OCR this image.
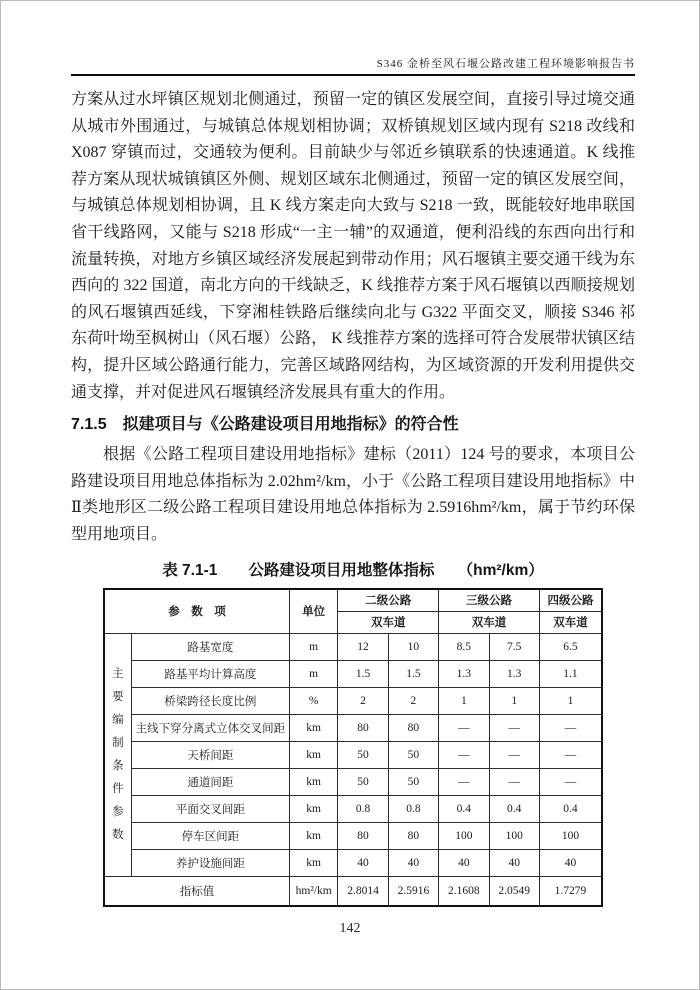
S346 金桥至风石堰公路改建工程环境影响报告书

方案从过水坪镇区规划北侧通过，预留一定的镇区发展空间，直接引导过境交通从城市外围通过，与城镇总体规划相协调；双桥镇规划区域内现有 S218 改线和 X087 穿镇而过，交通较为便利。目前缺少与邻近乡镇联系的快速通道。K 线推荐方案从现状城镇镇区外侧、规划区域东北侧通过，预留一定的镇区发展空间，与城镇总体规划相协调，且 K 线方案走向大致与 S218 一致，既能较好地串联国省干线路网，又能与 S218 形成“一主一辅”的双通道，便利沿线的东西向出行和流量转换，对地方乡镇区域经济发展起到带动作用；风石堰镇主要交通干线为东西向的 322 国道，南北方向的干线缺乏，K 线推荐方案于风石堰镇以西顺接规划的风石堰镇西延线，下穿湘桂铁路后继续向北与 G322 平面交叉，顺接 S346 祁东荷叶坳至枫树山（风石堰）公路， K 线推荐方案的选择可符合发展带状镇区结构，提升区域公路通行能力，完善区域路网结构，为区域资源的开发利用提供交通支撑，并对促进风石堰镇经济发展具有重大的作用。

7.1.5　拟建项目与《公路建设项目用地指标》的符合性

根据《公路工程项目建设用地指标》建标（2011）124 号的要求，本项目公路建设项目用地总体指标为 2.02hm²/km，小于《公路工程项目建设用地指标》中Ⅱ类地形区二级公路工程项目建设用地总体指标为 2.5916hm²/km，属于节约环保型用地项目。

表 7.1-1　　公路建设项目用地整体指标　　（hm²/km）
参　数　项		单位	二级公路		三级公路		四级公路
			双车道		双车道		双车道

主要编制条件参数	路基宽度	m	12	10	8.5	7.5	6.5
	路基平均计算高度	m	1.5	1.5	1.3	1.3	1.1
	桥梁跨径长度比例	%	2	2	1	1	1
	主线下穿分离式立体交叉间距	km	80	80	—	—	—
	天桥间距	km	50	50	—	—	—
	通道间距	km	50	50	—	—	—
	平面交叉间距	km	0.8	0.8	0.4	0.4	0.4
	停车区间距	km	80	80	100	100	100
	养护设施间距	km	40	40	40	40	40
指标值		hm²/km	2.8014	2.5916	2.1608	2.0549	1.7279
142
